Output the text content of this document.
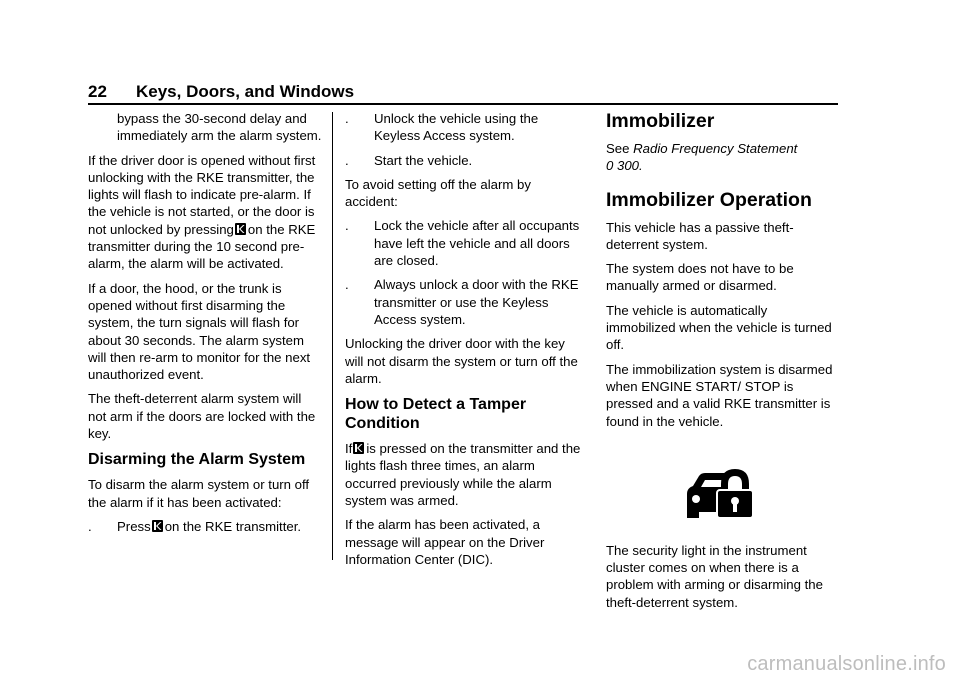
22 Keys, Doors, and Windows

bypass the 30-second delay and immediately arm the alarm system.

If the driver door is opened without first unlocking with the RKE transmitter, the lights will flash to indicate pre-alarm. If the vehicle is not started, or the door is not unlocked by pressing on the RKE transmitter during the 10 second pre-alarm, the alarm will be activated.

If a door, the hood, or the trunk is opened without first disarming the system, the turn signals will flash for about 30 seconds. The alarm system will then re-arm to monitor for the next unauthorized event.

The theft-deterrent alarm system will not arm if the doors are locked with the key.

Disarming the Alarm System

To disarm the alarm system or turn off the alarm if it has been activated:

. Press on the RKE transmitter.
. Unlock the vehicle using the Keyless Access system.
. Start the vehicle.

To avoid setting off the alarm by accident:

. Lock the vehicle after all occupants have left the vehicle and all doors are closed.
. Always unlock a door with the RKE transmitter or use the Keyless Access system.

Unlocking the driver door with the key will not disarm the system or turn off the alarm.

How to Detect a Tamper Condition

If is pressed on the transmitter and the lights flash three times, an alarm occurred previously while the alarm system was armed.

If the alarm has been activated, a message will appear on the Driver Information Center (DIC).

Immobilizer

See Radio Frequency Statement
0 300.

Immobilizer Operation

This vehicle has a passive theft-deterrent system.

The system does not have to be manually armed or disarmed.

The vehicle is automatically immobilized when the vehicle is turned off.

The immobilization system is disarmed when ENGINE START/ STOP is pressed and a valid RKE transmitter is found in the vehicle.

The security light in the instrument cluster comes on when there is a problem with arming or disarming the theft-deterrent system.

carmanualsonline.info
